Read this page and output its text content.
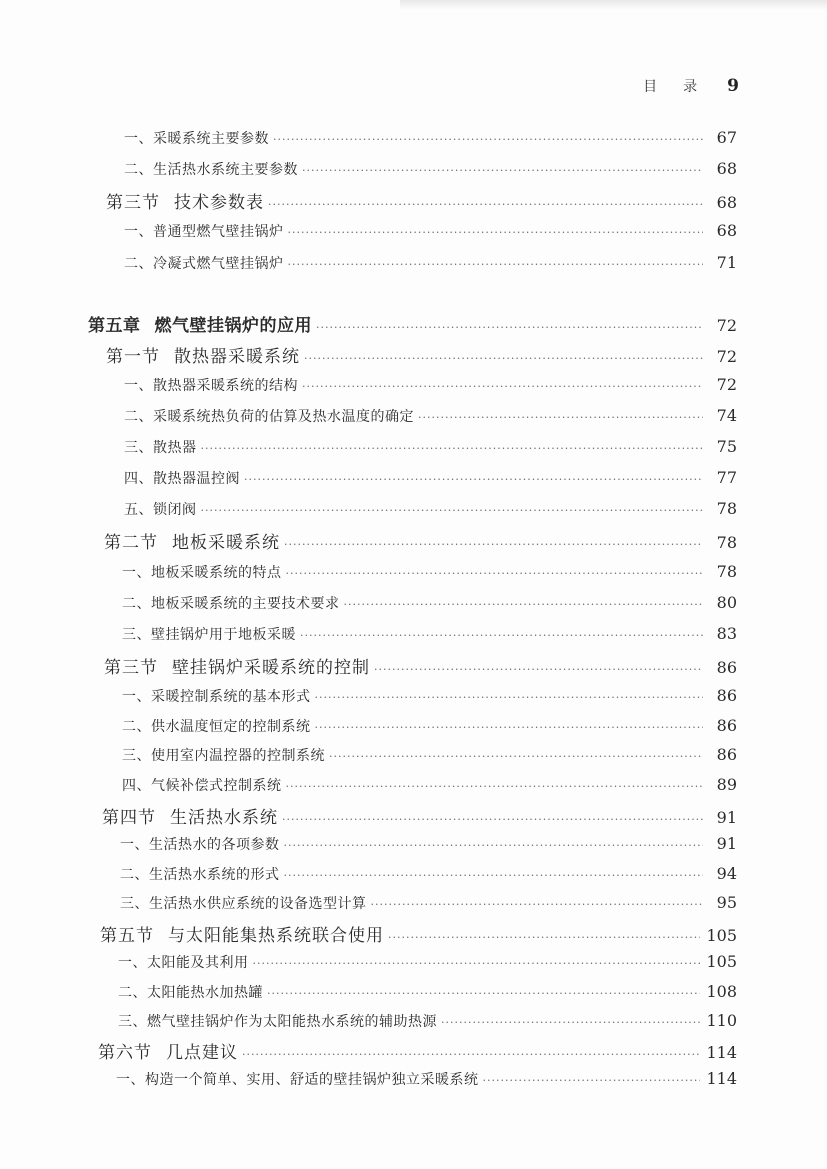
目录 9
一、采暖系统主要参数 ·····	67
二、生活热水系统主要参数 ·····	68
第三节 技术参数表 ·····	68
一、普通型燃气壁挂锅炉 ·····	68
二、冷凝式燃气壁挂锅炉 ·····	71
第五章 燃气壁挂锅炉的应用 ·····	72
第一节 散热器采暖系统 ·····	72
一、散热器采暖系统的结构 ·····	72
二、采暖系统热负荷的估算及热水温度的确定 ·····	74
三、散热器 ·····	75
四、散热器温控阀 ·····	77
五、锁闭阀 ·····	78
第二节 地板采暖系统 ·····	78
一、地板采暖系统的特点 ·····	78
二、地板采暖系统的主要技术要求 ·····	80
三、壁挂锅炉用于地板采暖 ·····	83
第三节 壁挂锅炉采暖系统的控制 ·····	86
一、采暖控制系统的基本形式 ·····	86
二、供水温度恒定的控制系统 ·····	86
三、使用室内温控器的控制系统 ·····	86
四、气候补偿式控制系统 ·····	89
第四节 生活热水系统 ·····	91
一、生活热水的各项参数 ·····	91
二、生活热水系统的形式 ·····	94
三、生活热水供应系统的设备选型计算 ·····	95
第五节 与太阳能集热系统联合使用 ·····	105
一、太阳能及其利用 ·····	105
二、太阳能热水加热罐 ·····	108
三、燃气壁挂锅炉作为太阳能热水系统的辅助热源 ·····	110
第六节 几点建议 ·····	114
一、构造一个简单、实用、舒适的壁挂锅炉独立采暖系统 ·····	114
